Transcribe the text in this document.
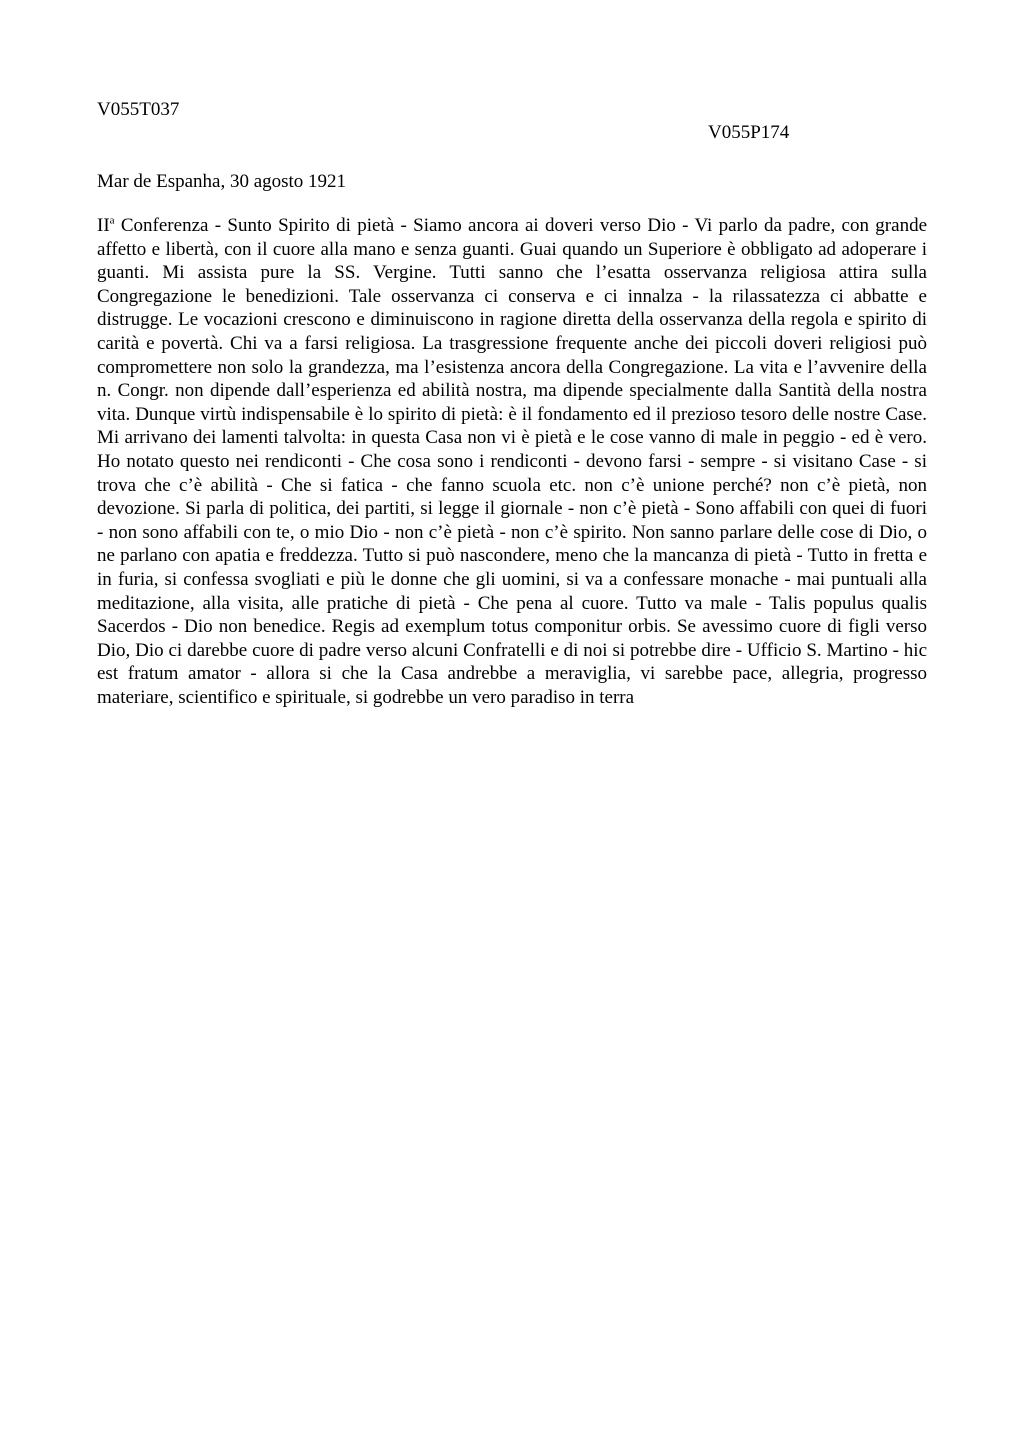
V055T037

V055P174

Mar de Espanha, 30 agosto 1921

$II^a$ Conferenza - Sunto Spirito di pietà - Siamo ancora ai doveri verso Dio - Vi parlo da padre, con grande affetto e libertà, con il cuore alla mano e senza guanti. Guai quando un Superiore è obbligato ad adoperare i guanti. Mi assista pure la SS. Vergine. Tutti sanno che l’esatta osservanza religiosa attira sulla Congregazione le benedizioni. Tale osservanza ci conserva e ci innalza - la rilassatezza ci abbatte e distrugge. Le vocazioni crescono e diminuiscono in ragione diretta della osservanza della regola e spirito di carità e povertà. Chi va a farsi religiosa. La trasgressione frequente anche dei piccoli doveri religiosi può compromettere non solo la grandezza, ma l’esistenza ancora della Congregazione. La vita e l’avvenire della n. Congr. non dipende dall’esperienza ed abilità nostra, ma dipende specialmente dalla Santità della nostra vita. Dunque virtù indispensabile è lo spirito di pietà: è il fondamento ed il prezioso tesoro delle nostre Case. Mi arrivano dei lamenti talvolta: in questa Casa non vi è pietà e le cose vanno di male in peggio - ed è vero. Ho notato questo nei rendiconti - Che cosa sono i rendiconti - devono farsi - sempre - si visitano Case - si trova che c’è abilità - Che si fatica - che fanno scuola etc. non c’è unione perché? non c’è pietà, non devozione. Si parla di politica, dei partiti, si legge il giornale - non c’è pietà - Sono affabili con quei di fuori - non sono affabili con te, o mio Dio - non c’è pietà - non c’è spirito. Non sanno parlare delle cose di Dio, o ne parlano con apatia e freddezza. Tutto si può nascondere, meno che la mancanza di pietà - Tutto in fretta e in furia, si confessa svogliati e più le donne che gli uomini, si va a confessare monache - mai puntuali alla meditazione, alla visita, alle pratiche di pietà - Che pena al cuore. Tutto va male - Talis populus qualis Sacerdos - Dio non benedice. Regis ad exemplum totus componitur orbis. Se avessimo cuore di figli verso Dio, Dio ci darebbe cuore di padre verso alcuni Confratelli e di noi si potrebbe dire - Ufficio S. Martino - hic est fratum amator - allora si che la Casa andrebbe a meraviglia, vi sarebbe pace, allegria, progresso materiare, scientifico e spirituale, si godrebbe un vero paradiso in terra
